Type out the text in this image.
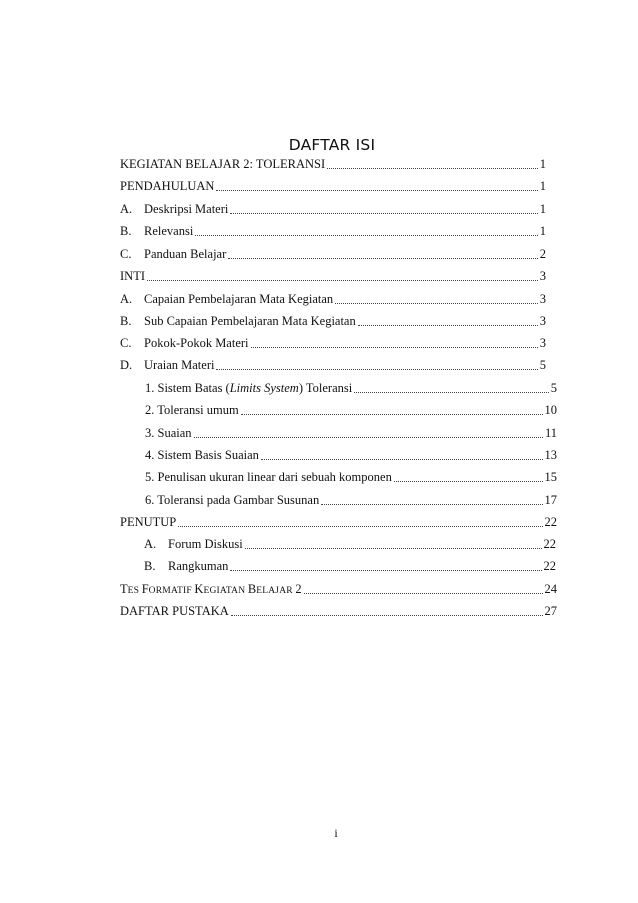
DAFTAR ISI
KEGIATAN BELAJAR 2: TOLERANSI	1
PENDAHULUAN	1
A. Deskripsi Materi	1
B.	Relevansi	1
C.	Panduan Belajar	2
INTI	3
A. Capaian Pembelajaran Mata Kegiatan	3
B.	Sub Capaian Pembelajaran Mata Kegiatan	3
C.	Pokok-Pokok Materi	3
D. Uraian Materi	5
1. Sistem Batas (Limits System) Toleransi	5
2. Toleransi umum	10
3. Suaian	11
4. Sistem Basis Suaian	13
5. Penulisan ukuran linear dari sebuah komponen	15
6. Toleransi pada Gambar Susunan	17
PENUTUP	22
A. Forum Diskusi	22
B.	Rangkuman	22
TES FORMATIF KEGIATAN BELAJAR 2	24
DAFTAR PUSTAKA	27
i
